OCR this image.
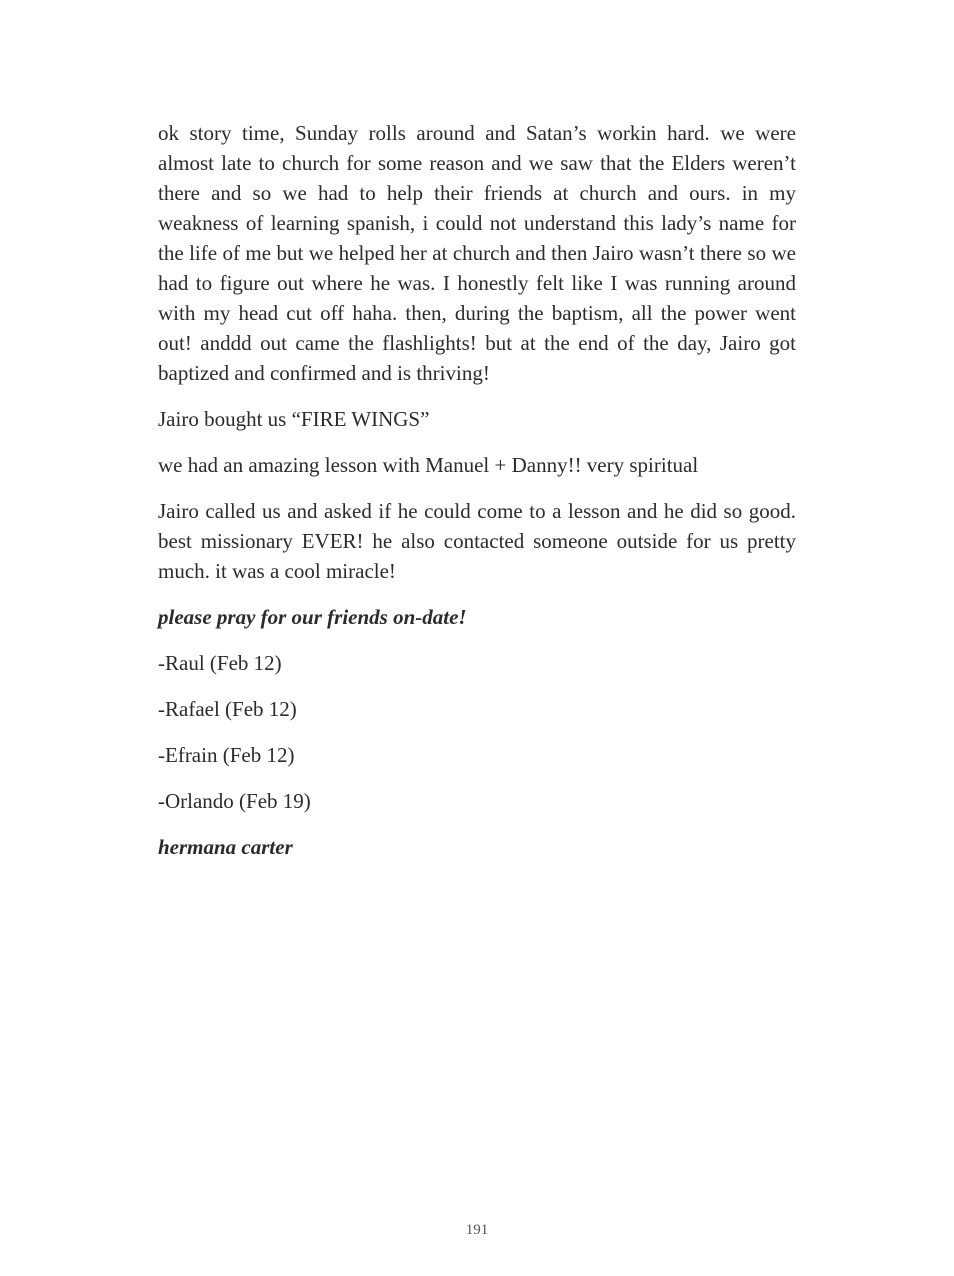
ok story time, Sunday rolls around and Satan’s workin hard. we were almost late to church for some reason and we saw that the Elders weren’t there and so we had to help their friends at church and ours. in my weakness of learning spanish, i could not understand this lady’s name for the life of me but we helped her at church and then Jairo wasn’t there so we had to figure out where he was. I honestly felt like I was running around with my head cut off haha. then, during the baptism, all the power went out! anddd out came the flashlights! but at the end of the day, Jairo got baptized and confirmed and is thriving!

Jairo bought us “FIRE WINGS”

we had an amazing lesson with Manuel + Danny!! very spiritual

Jairo called us and asked if he could come to a lesson and he did so good. best missionary EVER! he also contacted someone outside for us pretty much. it was a cool miracle!

please pray for our friends on-date!

-Raul (Feb 12)

-Rafael (Feb 12)

-Efrain (Feb 12)

-Orlando (Feb 19)

hermana carter

191
